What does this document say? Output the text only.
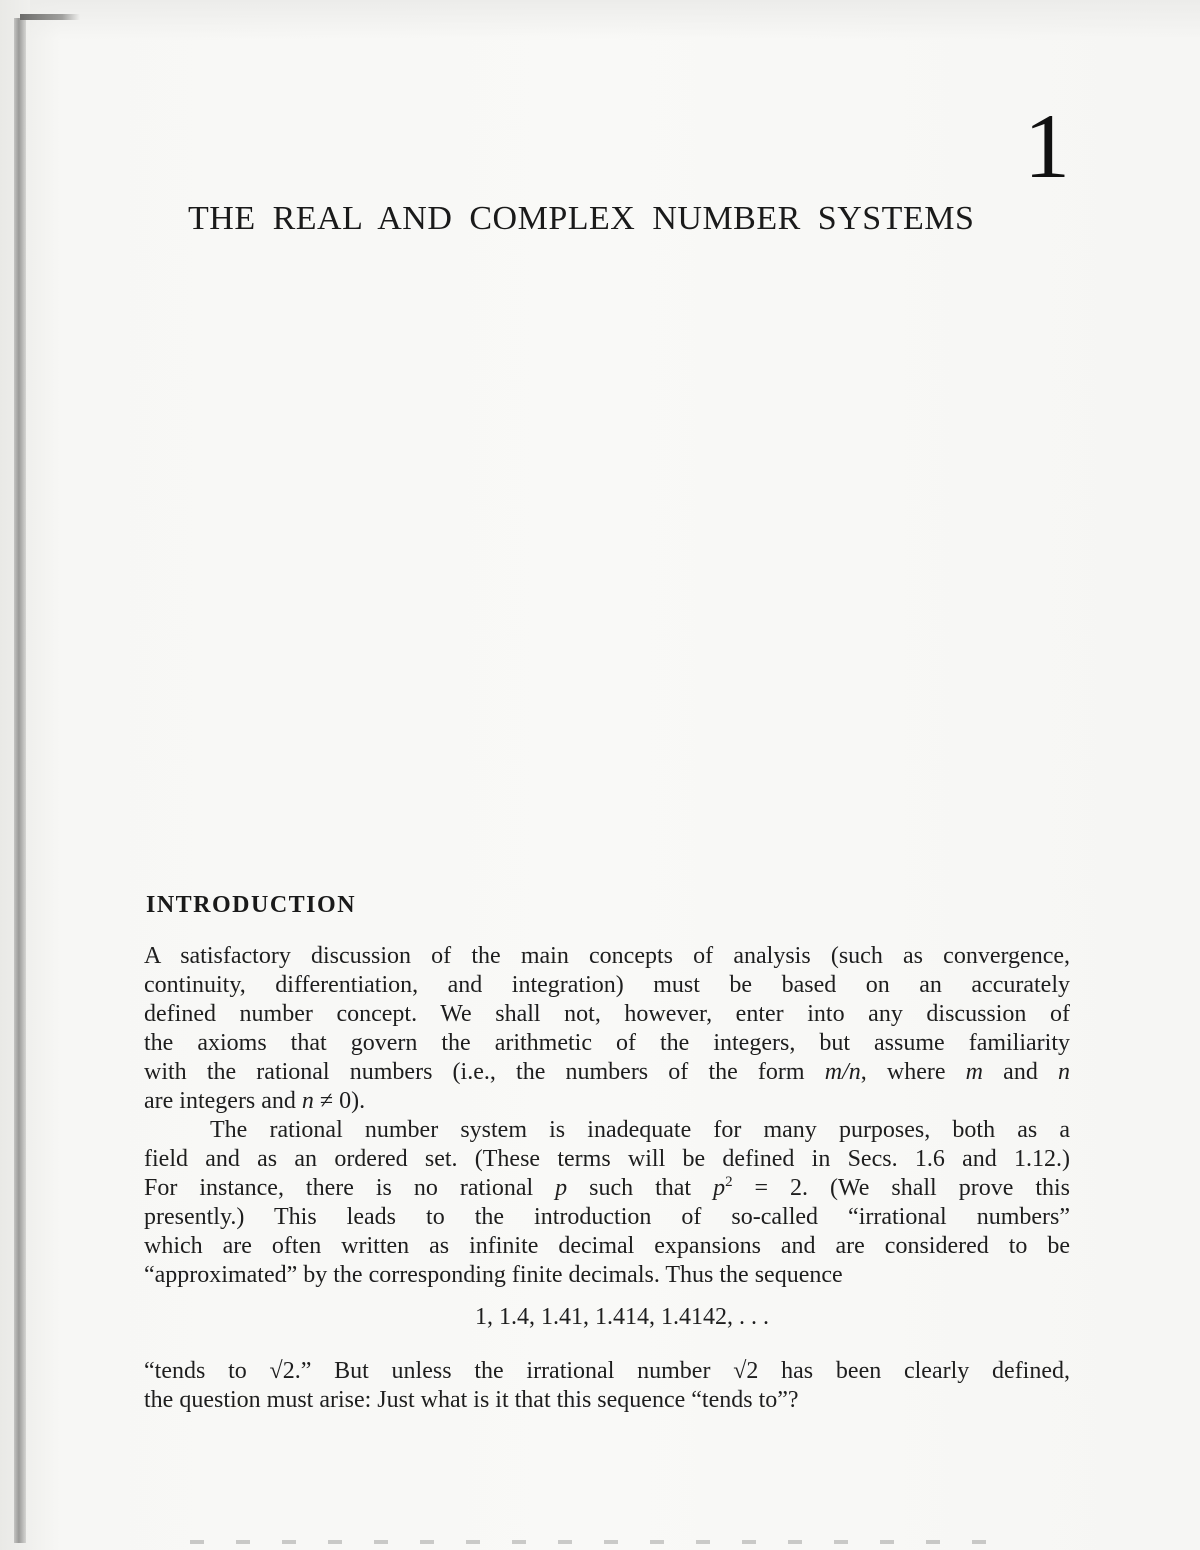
1
THE REAL AND COMPLEX NUMBER SYSTEMS
INTRODUCTION
A satisfactory discussion of the main concepts of analysis (such as convergence,
continuity, differentiation, and integration) must be based on an accurately
defined number concept. We shall not, however, enter into any discussion of
the axioms that govern the arithmetic of the integers, but assume familiarity
with the rational numbers (i.e., the numbers of the form m/n, where m and n
are integers and n ≠ 0).
The rational number system is inadequate for many purposes, both as a
field and as an ordered set. (These terms will be defined in Secs. 1.6 and 1.12.)
For instance, there is no rational p such that $p^2 = 2$. (We shall prove this
presently.) This leads to the introduction of so-called “irrational numbers”
which are often written as infinite decimal expansions and are considered to be
“approximated” by the corresponding finite decimals. Thus the sequence
1, 1.4, 1.41, 1.414, 1.4142, . . .
“tends to √2.” But unless the irrational number √2 has been clearly defined,
the question must arise: Just what is it that this sequence “tends to”?
